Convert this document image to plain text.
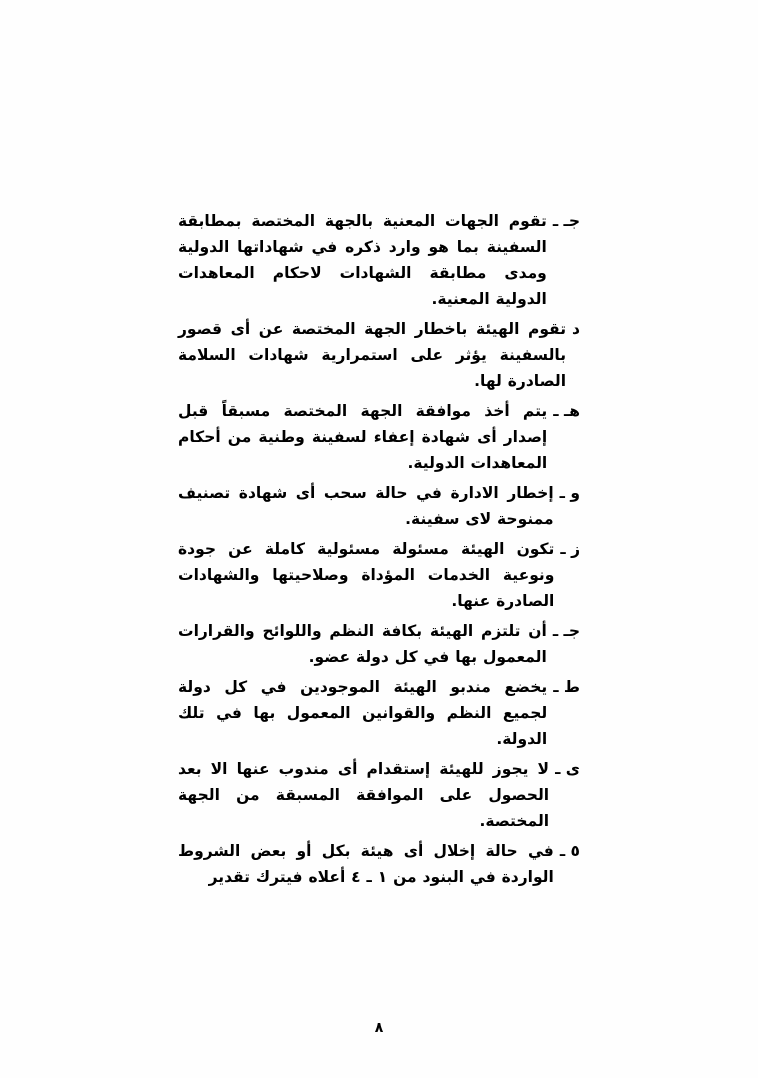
جـ ـ
تقوم الجهات المعنية بالجهة المختصة بمطابقة السفينة بما هو وارد ذكره في شهاداتها الدولية ومدى مطابقة الشهادات لاحكام المعاهدات الدولية المعنية.
د
تقوم الهيئة باخطار الجهة المختصة عن أى قصور بالسفينة يؤثر على استمرارية شهادات السلامة الصادرة لها.
هـ ـ
يتم أخذ موافقة الجهة المختصة مسبقاً قبل إصدار أى شهادة إعفاء لسفينة وطنية من أحكام المعاهدات الدولية.
و ـ
إخطار الادارة في حالة سحب أى شهادة تصنيف ممنوحة لاى سفينة.
ز ـ
تكون الهيئة مسئولة مسئولية كاملة عن جودة ونوعية الخدمات المؤداة وصلاحيتها والشهادات الصادرة عنها.
جـ ـ
أن تلتزم الهيئة بكافة النظم واللوائح والقرارات المعمول بها في كل دولة عضو.
ط ـ
يخضع مندبو الهيئة الموجودين في كل دولة لجميع النظم والقوانين المعمول بها في تلك الدولة.
ى ـ
لا يجوز للهيئة إستقدام أى مندوب عنها الا بعد الحصول على الموافقة المسبقة من الجهة المختصة.
٥ ـ
في حالة إخلال أى هيئة بكل أو بعض الشروط الواردة في البنود من ١ ـ ٤ أعلاه فيترك تقدير
٨
